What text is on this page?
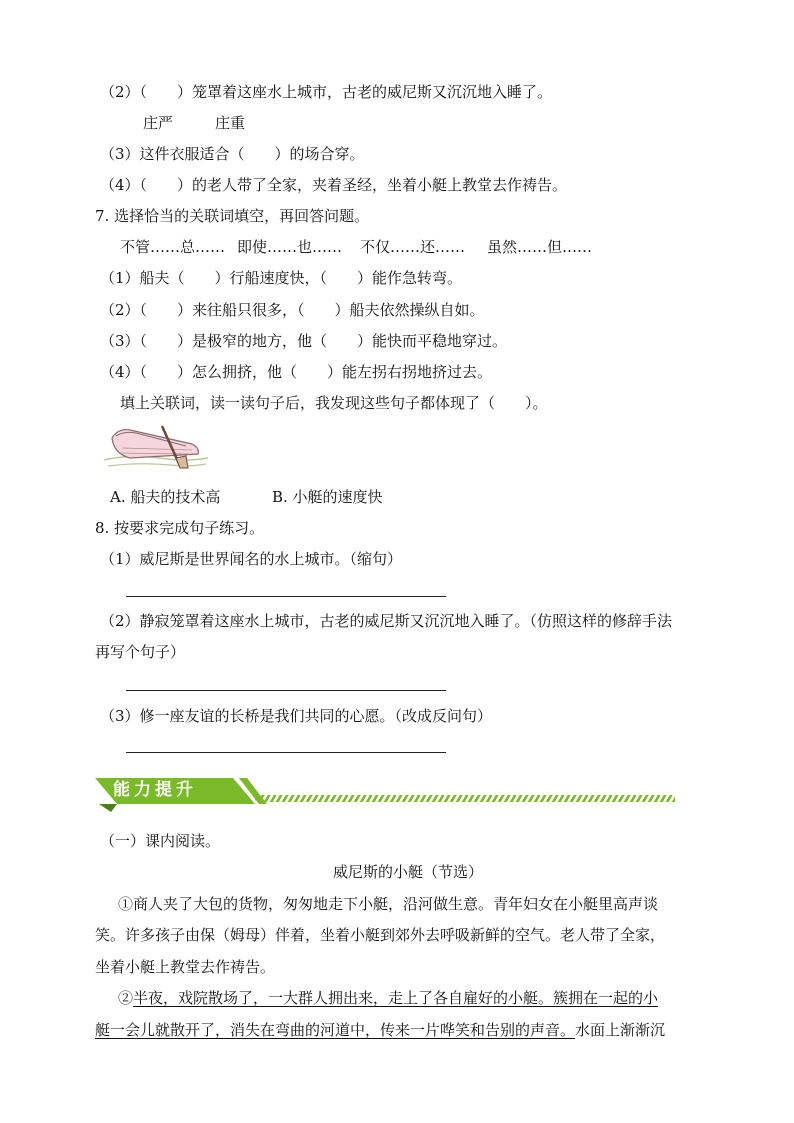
（2）（　　）笼罩着这座水上城市，古老的威尼斯又沉沉地入睡了。
庄严	庄重
（3）这件衣服适合（　　）的场合穿。
（4）（　　）的老人带了全家，夹着圣经，坐着小艇上教堂去作祷告。
7. 选择恰当的关联词填空，再回答问题。
不管……总…… 即使……也…… 不仅……还…… 虽然……但……
（1）船夫（　　）行船速度快，（　　）能作急转弯。
（2）（　　）来往船只很多，（　　）船夫依然操纵自如。
（3）（　　）是极窄的地方，他（　　）能快而平稳地穿过。
（4）（　　）怎么拥挤，他（　　）能左拐右拐地挤过去。
填上关联词，读一读句子后，我发现这些句子都体现了（　　）。
A. 船夫的技术高	B. 小艇的速度快
8. 按要求完成句子练习。
（1）威尼斯是世界闻名的水上城市。（缩句）
（2）静寂笼罩着这座水上城市，古老的威尼斯又沉沉地入睡了。（仿照这样的修辞手法
再写个句子）
（3）修一座友谊的长桥是我们共同的心愿。（改成反问句）
能力提升
（一）课内阅读。
威尼斯的小艇（节选）
①商人夹了大包的货物，匆匆地走下小艇，沿河做生意。青年妇女在小艇里高声谈
笑。许多孩子由保（姆母）伴着，坐着小艇到郊外去呼吸新鲜的空气。老人带了全家，
坐着小艇上教堂去作祷告。
②半夜，戏院散场了，一大群人拥出来，走上了各自雇好的小艇。簇拥在一起的小
艇一会儿就散开了，消失在弯曲的河道中，传来一片哗笑和告别的声音。水面上渐渐沉
